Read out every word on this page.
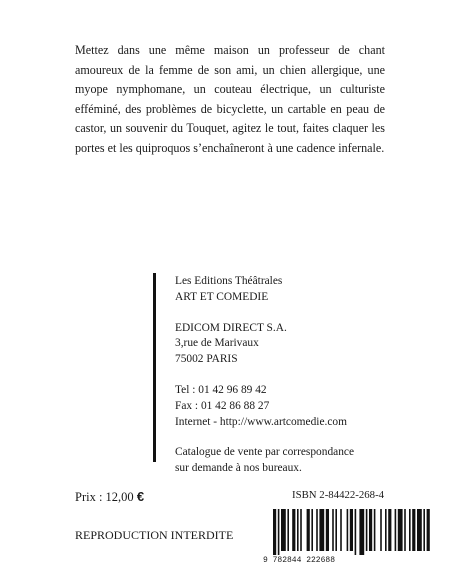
Mettez dans une même maison un professeur de chant amoureux de la femme de son ami, un chien allergique, une myope nymphomane, un couteau électrique, un culturiste efféminé, des problèmes de bicyclette, un cartable en peau de castor, un souvenir du Touquet, agitez le tout, faites claquer les portes et les quiproquos s’enchaîneront à une cadence infernale.
Les Editions Théâtrales
ART ET COMEDIE
EDICOM DIRECT S.A.
3,rue de Marivaux
75002 PARIS
Tel : 01 42 96 89 42
Fax : 01 42 86 88 27
Internet - http://www.artcomedie.com
Catalogue de vente par correspondance
sur demande à nos bureaux.
Prix : 12,00 €
REPRODUCTION INTERDITE
ISBN 2-84422-268-4
9 782844 222688
